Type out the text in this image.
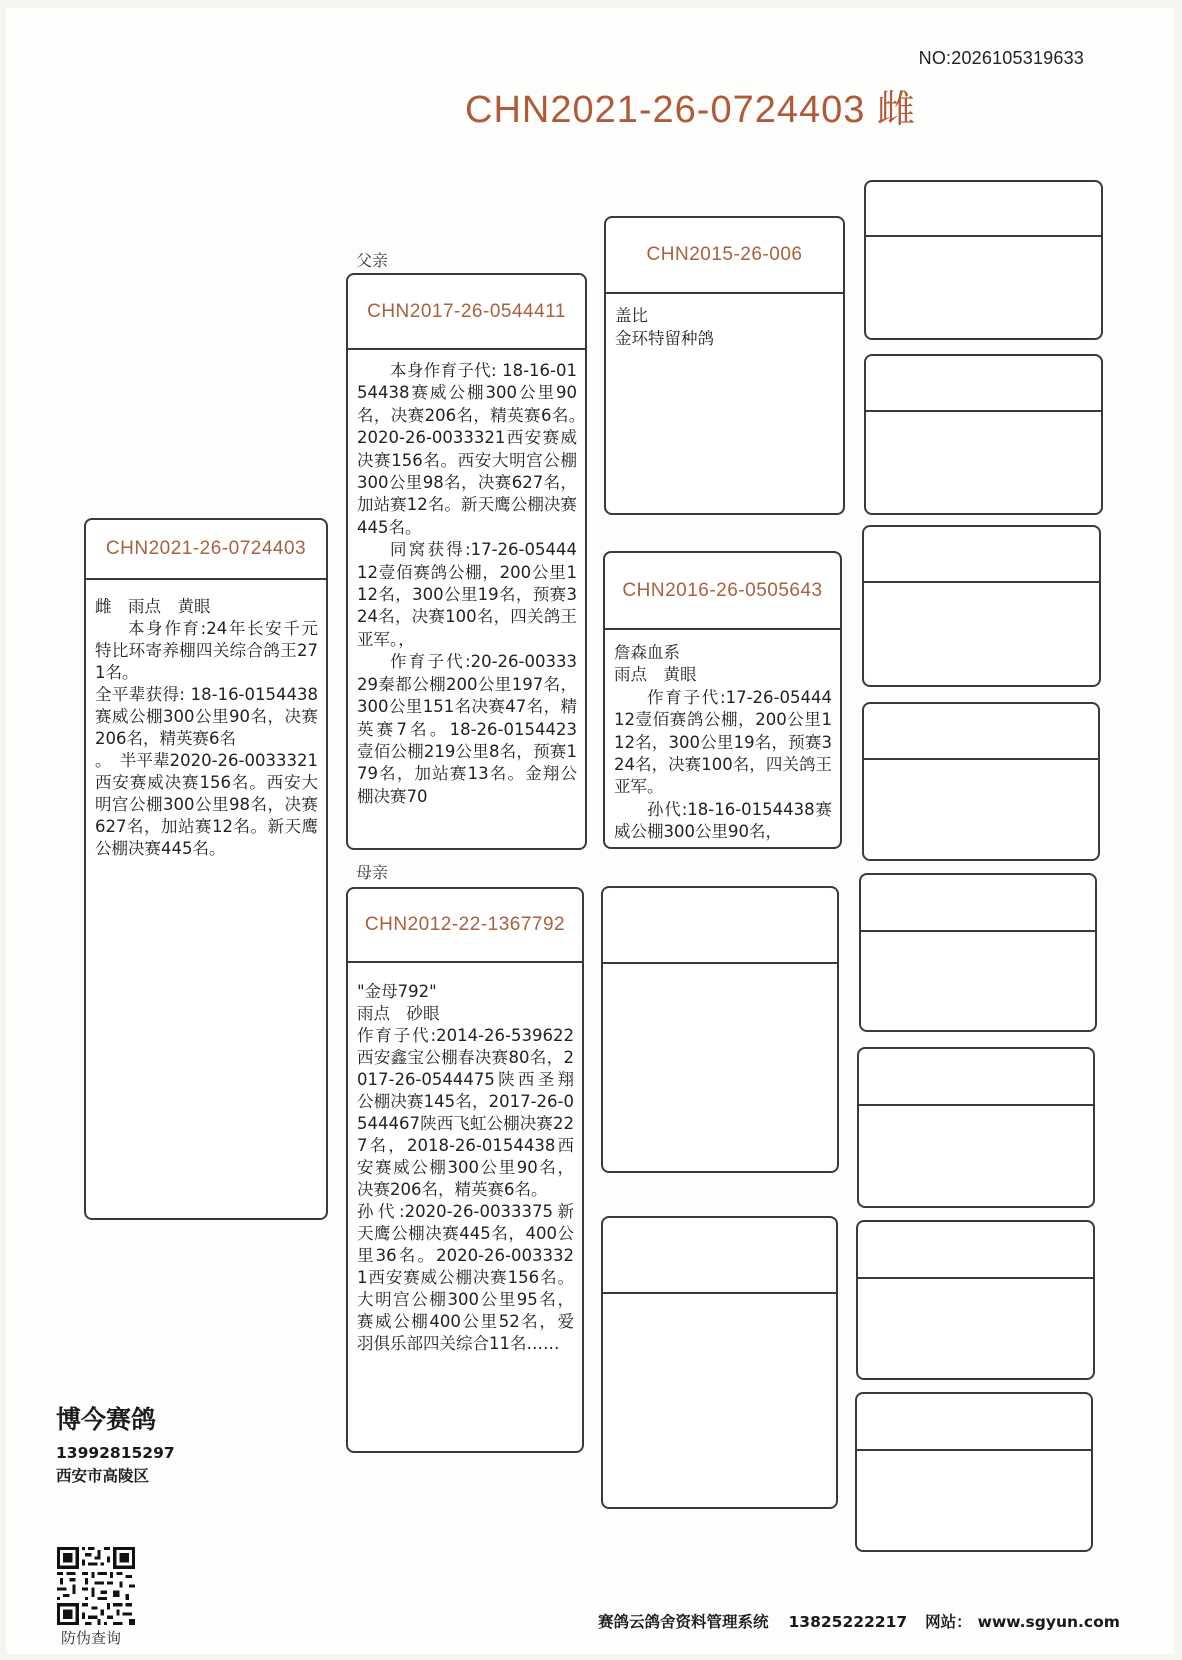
NO:2026105319633
CHN2021-26-0724403 雌
CHN2021-26-0724403

雌　雨点　黄眼

本身作育:24年长安千元特比环寄养棚四关综合鸽王271名。

全平辈获得: 18-16-0154438赛威公棚300公里90名，决赛206名，精英赛6名

。　半平辈2020-26-0033321西安赛威决赛156名。西安大明宫公棚300公里98名，决赛627名，加站赛12名。新天鹰公棚决赛445名。

父亲
CHN2017-26-0544411

本身作育子代: 18-16-0154438赛威公棚300公里90名，决赛206名，精英赛6名。　2020-26-0033321西安赛威决赛156名。西安大明宫公棚300公里98名，决赛627名，加站赛12名。新天鹰公棚决赛445名。

同窝获得:17-26-0544412壹佰赛鸽公棚，200公里112名，300公里19名，预赛324名，决赛100名，四关鸽王亚军。，

作育子代:20-26-0033329秦都公棚200公里197名，300公里151名决赛47名，精英赛7名。18-26-0154423壹佰公棚219公里8名，预赛179名，加站赛13名。金翔公棚决赛70

母亲
CHN2012-22-1367792

"金母792"

雨点　砂眼

作育子代:2014-26-539622西安鑫宝公棚春决赛80名，2017-26-0544475陕西圣翔公棚决赛145名，2017-26-0544467陕西飞虹公棚决赛227名，2018-26-0154438西安赛威公棚300公里90名，决赛206名，精英赛6名。

孙代:2020-26-0033375新天鹰公棚决赛445名，400公里36名。2020-26-0033321西安赛威公棚决赛156名。大明宫公棚300公里95名，赛威公棚400公里52名，爱羽俱乐部四关综合11名……

CHN2015-26-006

盖比

金环特留种鸽

CHN2016-26-0505643

詹森血系

雨点　黄眼

作育子代:17-26-0544412壹佰赛鸽公棚，200公里112名，300公里19名，预赛324名，决赛100名，四关鸽王亚军。

孙代:18-16-0154438赛威公棚300公里90名，

博今赛鸽
13992815297
西安市高陵区
防伪查询
赛鸽云鸽舍资料管理系统 13825222217 网站： www.sgyun.com
